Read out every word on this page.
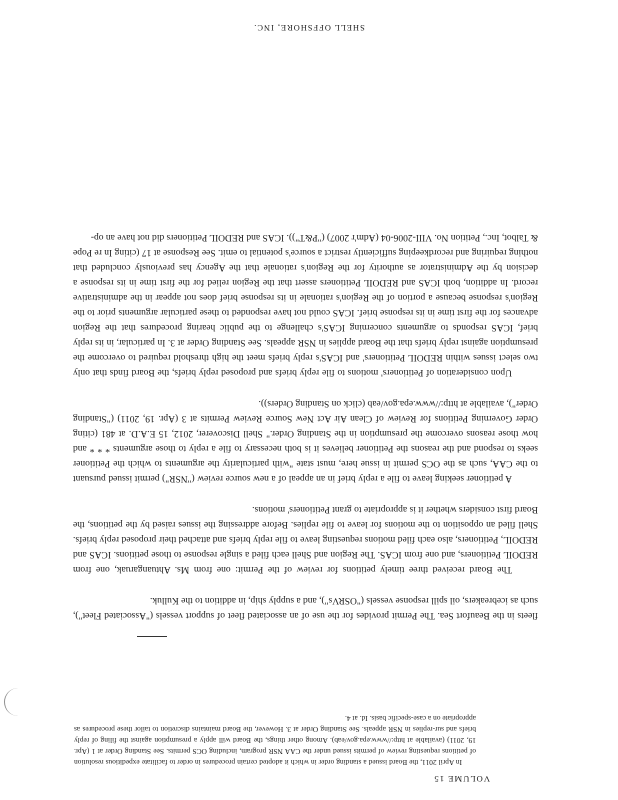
SHELL OFFSHORE, INC.

fleets in the Beaufort Sea. The Permit provides for the use of an associated fleet of support vessels ("Associated Fleet"), such as icebreakers, oil spill response vessels ("OSRVs"), and a supply ship, in addition to the Kulluk.

The Board received three timely petitions for review of the Permit: one from Ms. Ahtuangaruak, one from REDOIL Petitioners, and one from ICAS. The Region and Shell each filed a single response to those petitions. ICAS and REDOIL, Petitioners, also each filed motions requesting leave to file reply briefs and attached their proposed reply briefs. Shell filed an opposition to the motions for leave to file replies. Before addressing the issues raised by the petitions, the Board first considers whether it is appropriate to grant Petitioners' motions.

A petitioner seeking leave to file a reply brief in an appeal of a new source review ("NSR") permit issued pursuant to the CAA, such as the OCS permit in issue here, must state "with particularity the arguments to which the Petitioner seeks to respond and the reasons the Petitioner believes it is both necessary to file a reply to those arguments * * * and how those reasons overcome the presumption in the Standing Order." Shell Discoverer, 2012, 15 E.A.D. at 481 (citing Order Governing Petitions for Review of Clean Air Act New Source Review Permits at 3 (Apr. 19, 2011) ("Standing Order"), available at http://www.epa.gov/eab (click on Standing Orders)).

Upon consideration of Petitioners' motions to file reply briefs and proposed reply briefs, the Board finds that only two select issues within REDOIL Petitioners' and ICAS's reply briefs meet the high threshold required to overcome the presumption against reply briefs that the Board applies in NSR appeals. See Standing Order at 3. In particular, in its reply brief, ICAS responds to arguments concerning ICAS's challenge to the public hearing procedures that the Region advances for the first time in its response brief. ICAS could not have responded to these particular arguments prior to the Region's response because a portion of the Region's rationale in its response brief does not appear in the administrative record. In addition, both ICAS and REDOIL Petitioners assert that the Region relied for the first time in its response a decision by the Administrator as authority for the Region's rationale that the Agency has previously concluded that nothing requiring and recordkeeping sufficiently restrict a source's potential to emit. See Response at 17 (citing In re Pope & Talbot, Inc., Petition No. VIII-2006-04 (Adm'r 2007) ("P&T")). ICAS and REDOIL Petitioners did not have an op-

In April 2011, the Board issued a standing order in which it adopted certain procedures in order to facilitate expeditious resolution of petitions requesting review of permits issued under the CAA NSR program, including OCS permits. See Standing Order at 1 (Apr. 19, 2011) (available at http://www.epa.gov/eab). Among other things, the Board will apply a presumption against the filing of reply briefs and sur-replies in NSR appeals. See Standing Order at 3. However, the Board maintains discretion to tailor these procedures as appropriate on a case-specific basis. Id. at 4.
VOLUME 15
